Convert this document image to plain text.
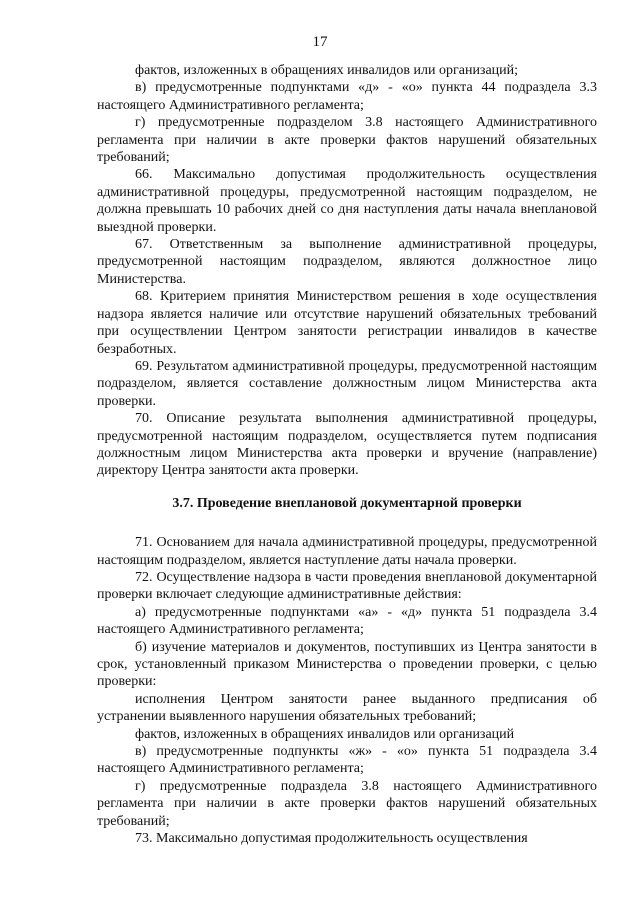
17

фактов, изложенных в обращениях инвалидов или организаций;

в) предусмотренные подпунктами «д» - «о» пункта 44 подраздела 3.3 настоящего Административного регламента;

г) предусмотренные подразделом 3.8 настоящего Административного регламента при наличии в акте проверки фактов нарушений обязательных требований;

66. Максимально допустимая продолжительность осуществления административной процедуры, предусмотренной настоящим подразделом, не должна превышать 10 рабочих дней со дня наступления даты начала внеплановой выездной проверки.

67. Ответственным за выполнение административной процедуры, предусмотренной настоящим подразделом, являются должностное лицо Министерства.

68. Критерием принятия Министерством решения в ходе осуществления надзора является наличие или отсутствие нарушений обязательных требований при осуществлении Центром занятости регистрации инвалидов в качестве безработных.

69. Результатом административной процедуры, предусмотренной настоящим подразделом, является составление должностным лицом Министерства акта проверки.

70. Описание результата выполнения административной процедуры, предусмотренной настоящим подразделом, осуществляется путем подписания должностным лицом Министерства акта проверки и вручение (направление) директору Центра занятости акта проверки.

3.7. Проведение внеплановой документарной проверки

71. Основанием для начала административной процедуры, предусмотренной настоящим подразделом, является наступление даты начала проверки.

72. Осуществление надзора в части проведения внеплановой документарной проверки включает следующие административные действия:

а) предусмотренные подпунктами «а» - «д» пункта 51 подраздела 3.4 настоящего Административного регламента;

б) изучение материалов и документов, поступивших из Центра занятости в срок, установленный приказом Министерства о проведении проверки, с целью проверки:

исполнения Центром занятости ранее выданного предписания об устранении выявленного нарушения обязательных требований;

фактов, изложенных в обращениях инвалидов или организаций

в) предусмотренные подпункты «ж» - «о» пункта 51 подраздела 3.4 настоящего Административного регламента;

г) предусмотренные подраздела 3.8 настоящего Административного регламента при наличии в акте проверки фактов нарушений обязательных требований;

73. Максимально допустимая продолжительность осуществления
